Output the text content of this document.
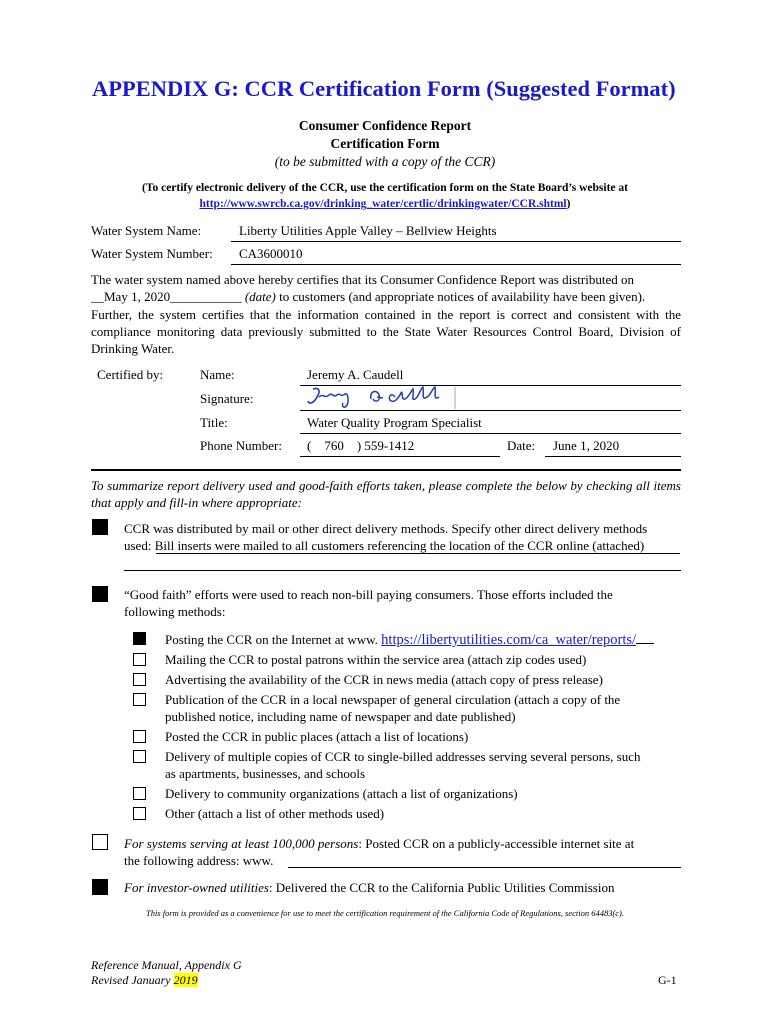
APPENDIX G: CCR Certification Form (Suggested Format)
Consumer Confidence Report
Certification Form
(to be submitted with a copy of the CCR)
(To certify electronic delivery of the CCR, use the certification form on the State Board’s website at
http://www.swrcb.ca.gov/drinking_water/certlic/drinkingwater/CCR.shtml)
Water System Name:	Liberty Utilities Apple Valley – Bellview Heights
Water System Number: CA3600010
The water system named above hereby certifies that its Consumer Confidence Report was distributed on
__May 1, 2020___________ (date) to customers (and appropriate notices of availability have been given).
Further, the system certifies that the information contained in the report is correct and consistent with the compliance monitoring data previously submitted to the State Water Resources Control Board, Division of Drinking Water.
Certified by:	Name:	Jeremy A. Caudell
Signature:
Title:	Water Quality Program Specialist
Phone Number: (    760    ) 559-1412	Date: June 1, 2020
To summarize report delivery used and good-faith efforts taken, please complete the below by checking all items that apply and fill-in where appropriate:
CCR was distributed by mail or other direct delivery methods. Specify other direct delivery methods
used: Bill inserts were mailed to all customers referencing the location of the CCR online (attached)
“Good faith” efforts were used to reach non-bill paying consumers. Those efforts included the
following methods:
Posting the CCR on the Internet at www. https://libertyutilities.com/ca_water/reports/
Mailing the CCR to postal patrons within the service area (attach zip codes used)
Advertising the availability of the CCR in news media (attach copy of press release)
Publication of the CCR in a local newspaper of general circulation (attach a copy of the
published notice, including name of newspaper and date published)
Posted the CCR in public places (attach a list of locations)
Delivery of multiple copies of CCR to single-billed addresses serving several persons, such
as apartments, businesses, and schools
Delivery to community organizations (attach a list of organizations)
Other (attach a list of other methods used)
For systems serving at least 100,000 persons: Posted CCR on a publicly-accessible internet site at
the following address: www.
For investor-owned utilities: Delivered the CCR to the California Public Utilities Commission
This form is provided as a convenience for use to meet the certification requirement of the California Code of Regulations, section 64483(c).
Reference Manual, Appendix G
Revised January 2019	G-1
